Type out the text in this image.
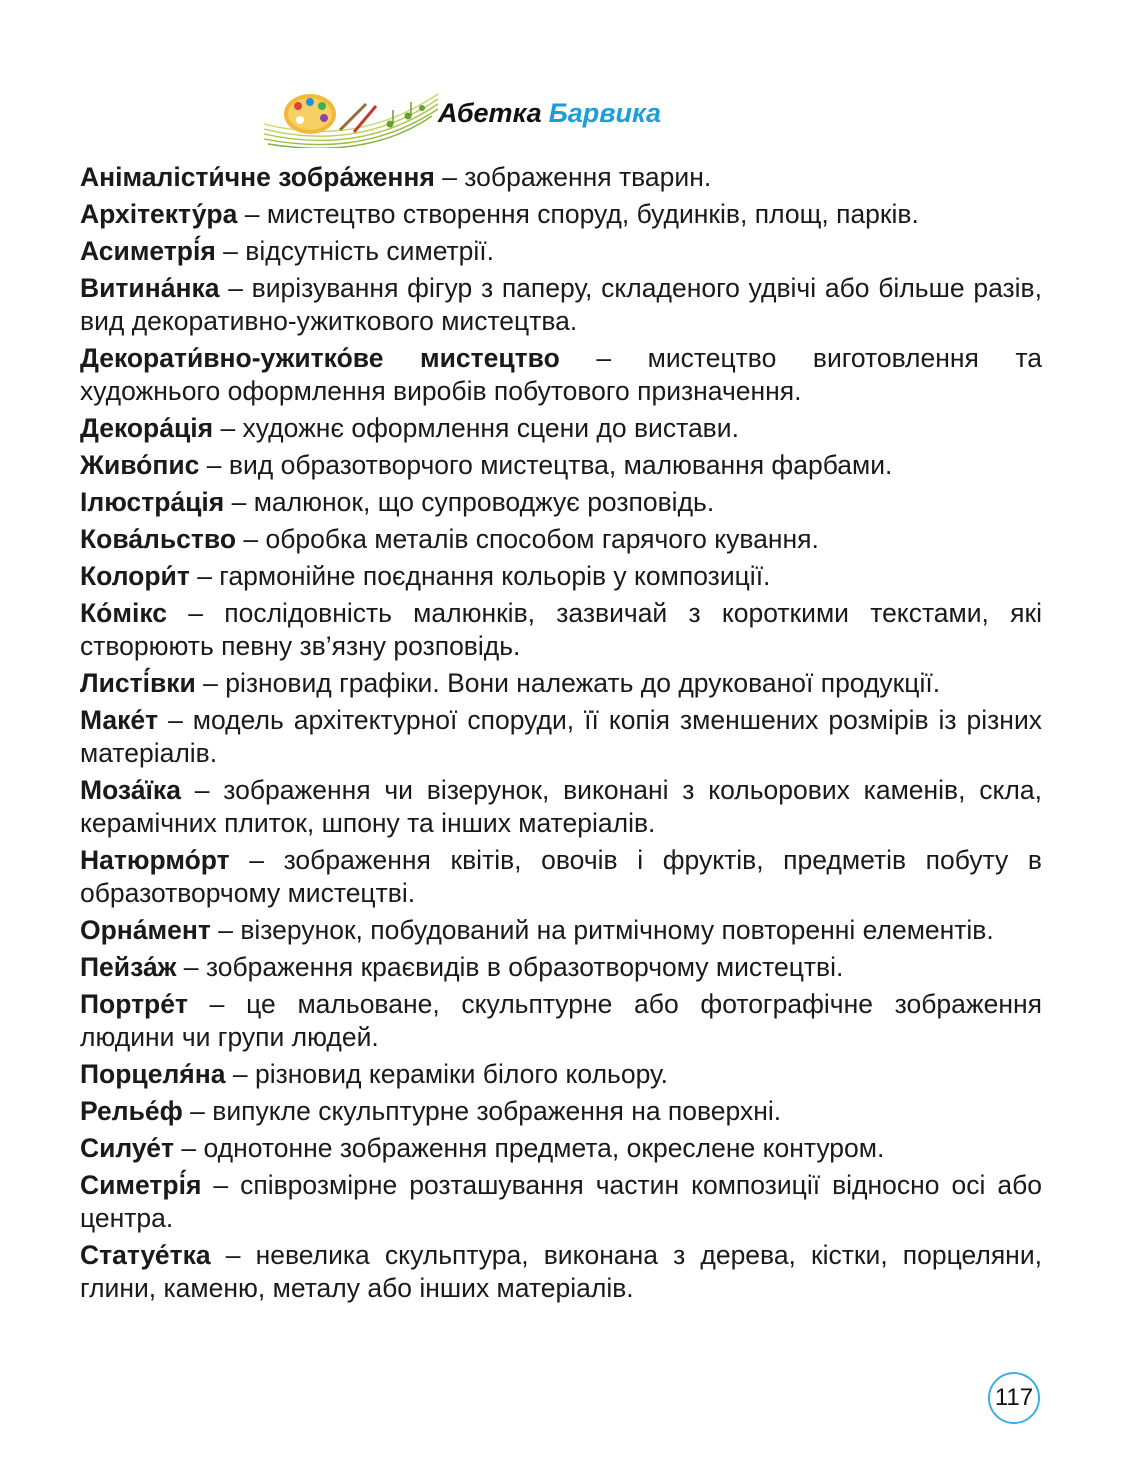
Абетка Барвика
Анімалісти́чне зобра́ження – зображення тварин.
Архітекту́ра – мистецтво створення споруд, будинків, площ, парків.
Асиметрі́я – відсутність симетрії.
Витина́нка – вирізування фігур з паперу, складеного удвічі або більше разів, вид декоративно-ужиткового мистецтва.
Декорати́вно-ужитко́ве мистецтво – мистецтво виготовлення та художнього оформлення виробів побутового призначення.
Декора́ція – художнє оформлення сцени до вистави.
Живо́пис – вид образотворчого мистецтва, малювання фарбами.
Ілюстра́ція – малюнок, що супроводжує розповідь.
Кова́льство – обробка металів способом гарячого кування.
Колори́т – гармонійне поєднання кольорів у композиції.
Ко́мікс – послідовність малюнків, зазвичай з короткими текстами, які створюють певну зв’язну розповідь.
Листі́вки – різновид графіки. Вони належать до друкованої продукції.
Маке́т – модель архітектурної споруди, її копія зменшених розмірів із різних матеріалів.
Моза́їка – зображення чи візерунок, виконані з кольорових каменів, скла, керамічних плиток, шпону та інших матеріалів.
Натюрмо́рт – зображення квітів, овочів і фруктів, предметів побуту в образотворчому мистецтві.
Орна́мент – візерунок, побудований на ритмічному повторенні елементів.
Пейза́ж – зображення краєвидів в образотворчому мистецтві.
Портре́т – це мальоване, скульптурне або фотографічне зображення людини чи групи людей.
Порцеля́на – різновид кераміки білого кольору.
Релье́ф – випукле скульптурне зображення на поверхні.
Силуе́т – однотонне зображення предмета, окреслене контуром.
Симетрі́я – співрозмірне розташування частин композиції відносно осі або центра.
Статуе́тка – невелика скульптура, виконана з дерева, кістки, порцеляни, глини, каменю, металу або інших матеріалів.
117
